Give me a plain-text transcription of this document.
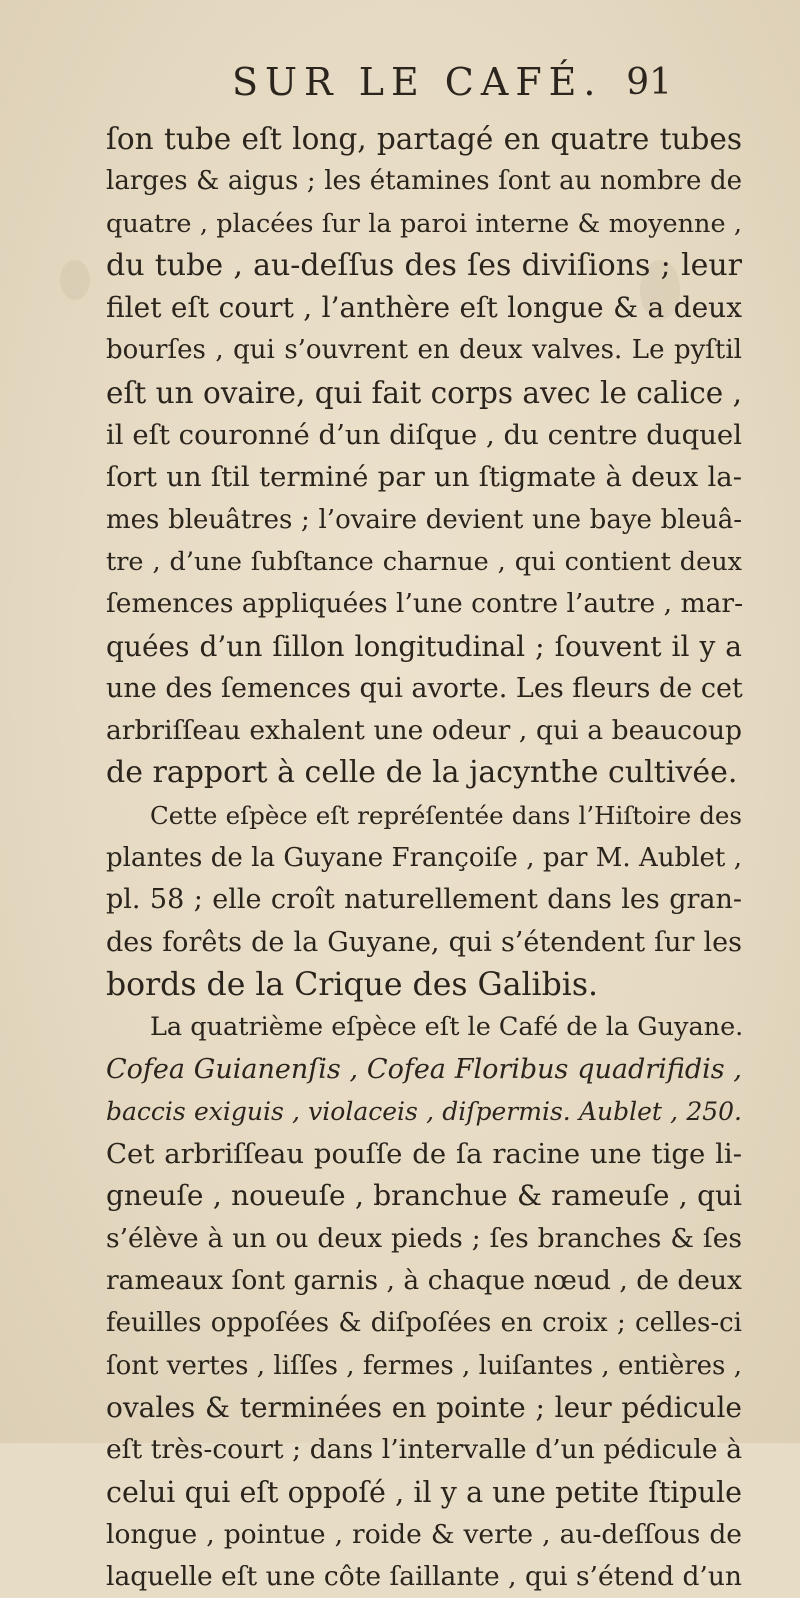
SUR LE CAFÉ. 91
ſon tube eſt long, partagé en quatre tubes
larges & aigus ; les étamines ſont au nombre de
quatre , placées ſur la paroi interne & moyenne ,
du tube , au-deſſus des ſes diviſions ; leur
filet eſt court , l’anthère eſt longue & a deux
bourſes , qui s’ouvrent en deux valves. Le pyſtil
eſt un ovaire, qui fait corps avec le calice ,
il eſt couronné d’un diſque , du centre duquel
ſort un ſtil terminé par un ſtigmate à deux la-
mes bleuâtres ; l’ovaire devient une baye bleuâ-
tre , d’une ſubſtance charnue , qui contient deux
ſemences appliquées l’une contre l’autre , mar-
quées d’un ſillon longitudinal ; ſouvent il y a
une des ſemences qui avorte. Les fleurs de cet
arbriſſeau exhalent une odeur , qui a beaucoup
de rapport à celle de la jacynthe cultivée.
Cette eſpèce eſt repréſentée dans l’Hiſtoire des
plantes de la Guyane Françoiſe , par M. Aublet ,
pl. 58 ; elle croît naturellement dans les gran-
des forêts de la Guyane, qui s’étendent ſur les
bords de la Crique des Galibis.
La quatrième eſpèce eſt le Café de la Guyane.
Cofea Guianenſis , Cofea Floribus quadrifidis ,
baccis exiguis , violaceis , diſpermis. Aublet , 250.
Cet arbriſſeau pouſſe de ſa racine une tige li-
gneuſe , noueuſe , branchue & rameuſe , qui
s’élève à un ou deux pieds ; ſes branches & ſes
rameaux ſont garnis , à chaque nœud , de deux
feuilles oppoſées & diſpoſées en croix ; celles-ci
ſont vertes , liſſes , fermes , luiſantes , entières ,
ovales & terminées en pointe ; leur pédicule
eſt très-court ; dans l’intervalle d’un pédicule à
celui qui eſt oppoſé , il y a une petite ſtipule
longue , pointue , roide & verte , au-deſſous de
laquelle eſt une côte ſaillante , qui s’étend d’un
